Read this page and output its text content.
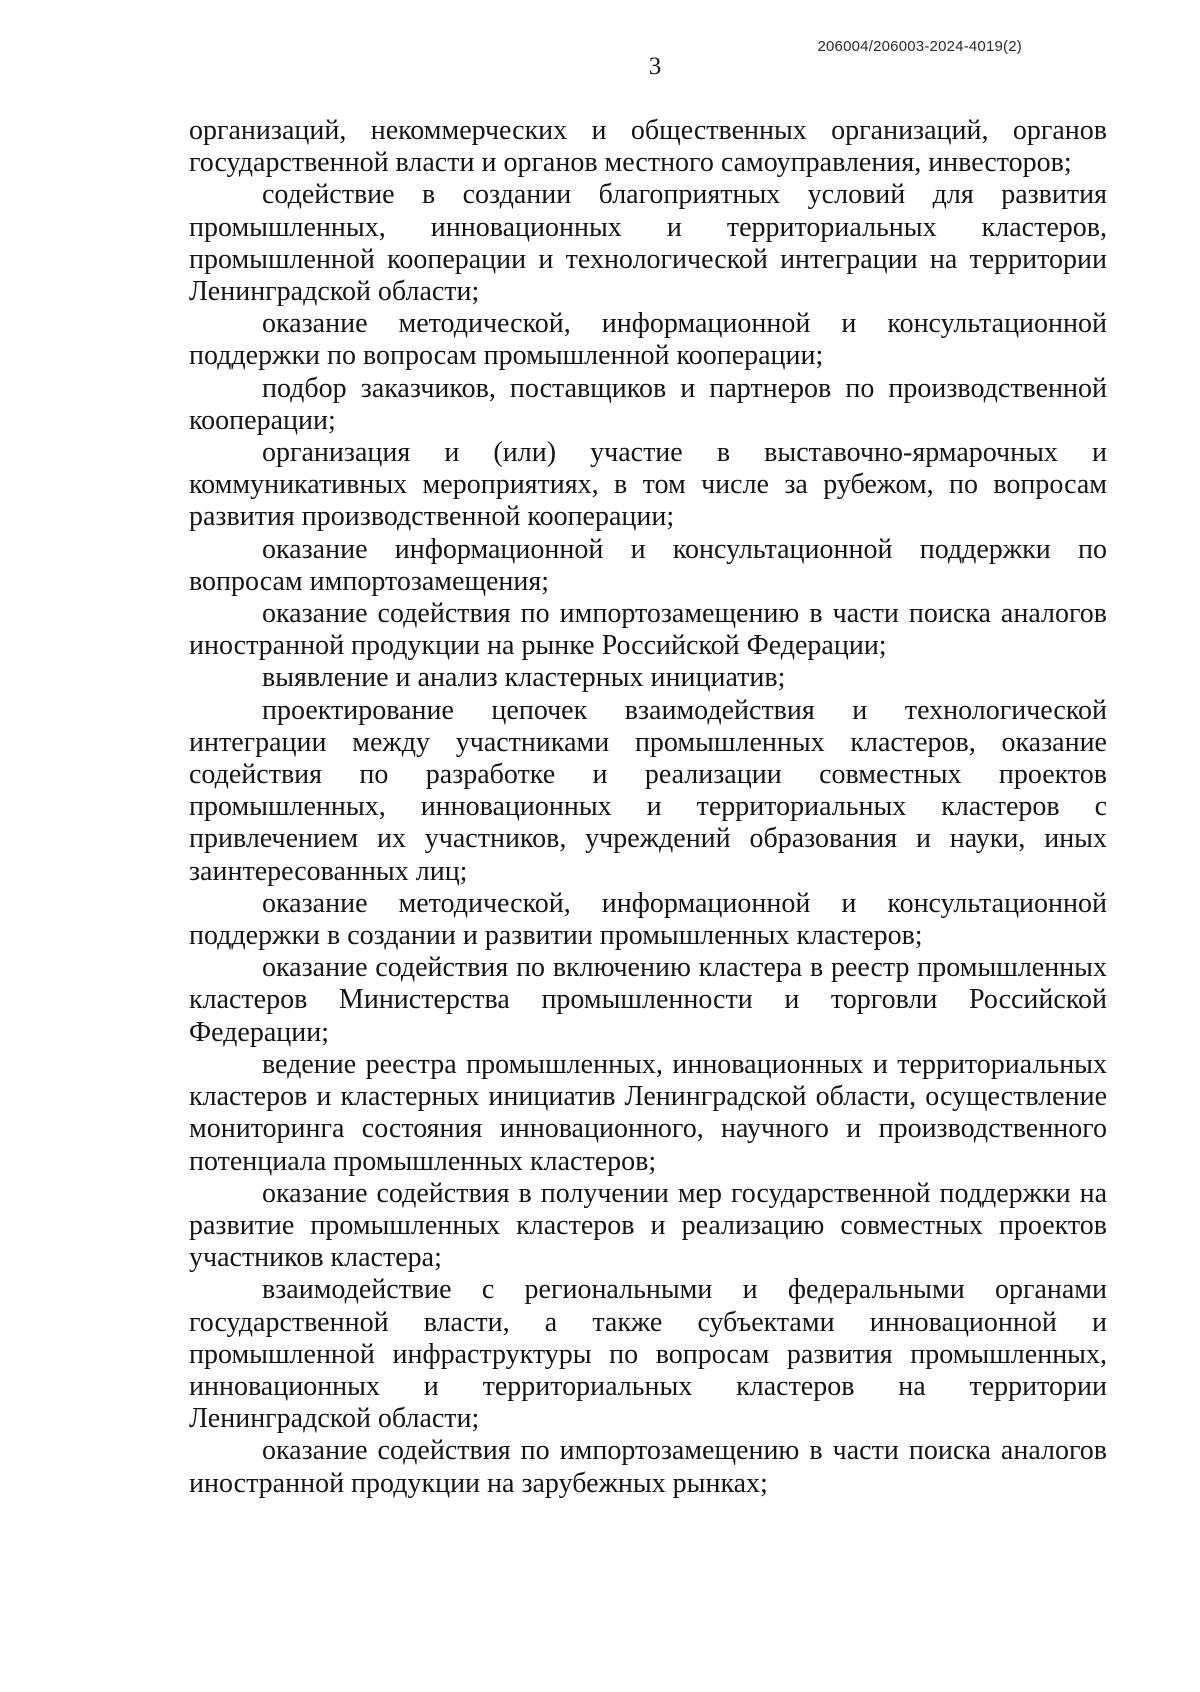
206004/206003-2024-4019(2)
3

организаций, некоммерческих и общественных организаций, органов государственной власти и органов местного самоуправления, инвесторов;

содействие в создании благоприятных условий для развития промышленных, инновационных и территориальных кластеров, промышленной кооперации и технологической интеграции на территории Ленинградской области;

оказание методической, информационной и консультационной поддержки по вопросам промышленной кооперации;

подбор заказчиков, поставщиков и партнеров по производственной кооперации;

организация и (или) участие в выставочно-ярмарочных и коммуникативных мероприятиях, в том числе за рубежом, по вопросам развития производственной кооперации;

оказание информационной и консультационной поддержки по вопросам импортозамещения;

оказание содействия по импортозамещению в части поиска аналогов иностранной продукции на рынке Российской Федерации;

выявление и анализ кластерных инициатив;

проектирование цепочек взаимодействия и технологической интеграции между участниками промышленных кластеров, оказание содействия по разработке и реализации совместных проектов промышленных, инновационных и территориальных кластеров с привлечением их участников, учреждений образования и науки, иных заинтересованных лиц;

оказание методической, информационной и консультационной поддержки в создании и развитии промышленных кластеров;

оказание содействия по включению кластера в реестр промышленных кластеров Министерства промышленности и торговли Российской Федерации;

ведение реестра промышленных, инновационных и территориальных кластеров и кластерных инициатив Ленинградской области, осуществление мониторинга состояния инновационного, научного и производственного потенциала промышленных кластеров;

оказание содействия в получении мер государственной поддержки на развитие промышленных кластеров и реализацию совместных проектов участников кластера;

взаимодействие с региональными и федеральными органами государственной власти, а также субъектами инновационной и промышленной инфраструктуры по вопросам развития промышленных, инновационных и территориальных кластеров на территории Ленинградской области;

оказание содействия по импортозамещению в части поиска аналогов иностранной продукции на зарубежных рынках;
